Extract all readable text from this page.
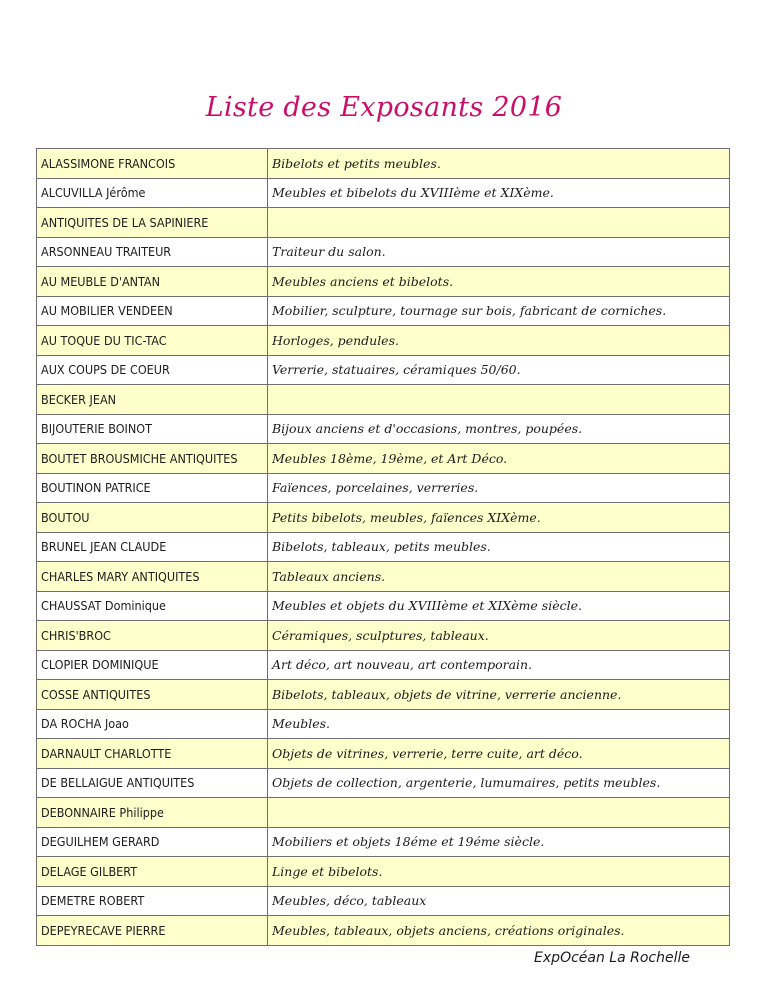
Liste des Exposants 2016
ALASSIMONE FRANCOIS	Bibelots et petits meubles.
ALCUVILLA Jérôme	Meubles et bibelots du XVIIIème et XIXème.
ANTIQUITES DE LA SAPINIERE	
ARSONNEAU TRAITEUR	Traiteur du salon.
AU MEUBLE D'ANTAN	Meubles anciens et bibelots.
AU MOBILIER VENDEEN	Mobilier, sculpture, tournage sur bois, fabricant de corniches.
AU TOQUE DU TIC-TAC	Horloges, pendules.
AUX COUPS DE COEUR	Verrerie, statuaires, céramiques 50/60.
BECKER JEAN	
BIJOUTERIE BOINOT	Bijoux anciens et d'occasions, montres, poupées.
BOUTET BROUSMICHE ANTIQUITES	Meubles 18ème, 19ème, et Art Déco.
BOUTINON PATRICE	Faïences, porcelaines, verreries.
BOUTOU	Petits bibelots, meubles, faïences XIXème.
BRUNEL JEAN CLAUDE	Bibelots, tableaux, petits meubles.
CHARLES MARY ANTIQUITES	Tableaux anciens.
CHAUSSAT Dominique	Meubles et objets du XVIIIème et XIXème siècle.
CHRIS'BROC	Céramiques, sculptures, tableaux.
CLOPIER DOMINIQUE	Art déco, art nouveau, art contemporain.
COSSE ANTIQUITES	Bibelots, tableaux, objets de vitrine, verrerie ancienne.
DA ROCHA Joao	Meubles.
DARNAULT CHARLOTTE	Objets de vitrines, verrerie, terre cuite, art déco.
DE BELLAIGUE ANTIQUITES	Objets de collection, argenterie, lumumaires, petits meubles.
DEBONNAIRE Philippe	
DEGUILHEM GERARD	Mobiliers et objets 18éme et 19éme siècle.
DELAGE GILBERT	Linge et bibelots.
DEMETRE ROBERT	Meubles, déco, tableaux
DEPEYRECAVE PIERRE	Meubles, tableaux, objets anciens, créations originales.
ExpOcéan La Rochelle
